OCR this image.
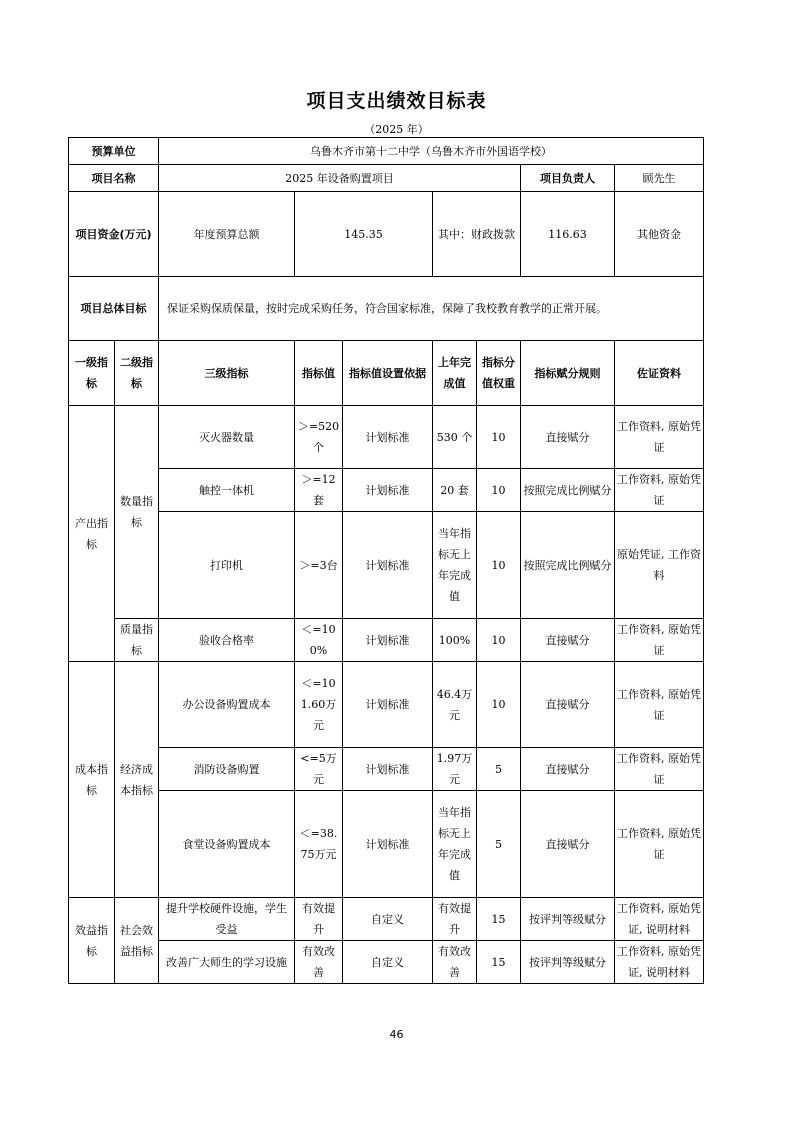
项目支出绩效目标表
（2025 年）
预算单位		乌鲁木齐市第十二中学（乌鲁木齐市外国语学校）							
项目名称		2025 年设备购置项目					项目负责人	顾先生	
项目资金(万元)		年度预算总额	145.35		其中：财政拨款		116.63	其他资金	
项目总体目标		保证采购保质保量，按时完成采购任务，符合国家标准，保障了我校教育教学的正常开展。							
一级指标	二级指标	三级指标	指标值	指标值设置依据	上年完成值	指标分值权重	指标赋分规则	佐证资料	
产出指标	数量指标	灭火器数量	＞=520个	计划标准	530 个	10	直接赋分	工作资料, 原始凭证	
		触控一体机	＞=12套	计划标准	20 套	10	按照完成比例赋分	工作资料, 原始凭证	
		打印机	＞=3台	计划标准	当年指标无上年完成值	10	按照完成比例赋分	原始凭证, 工作资料	
	质量指标	验收合格率	＜=100%	计划标准	100%	10	直接赋分	工作资料, 原始凭证	
成本指标	经济成本指标	办公设备购置成本	＜=101.60万元	计划标准	46.4万元	10	直接赋分	工作资料, 原始凭证	
		消防设备购置	<=5万元	计划标准	1.97万元	5	直接赋分	工作资料, 原始凭证	
		食堂设备购置成本	＜=38.75万元	计划标准	当年指标无上年完成值	5	直接赋分	工作资料, 原始凭证	
效益指标	社会效益指标	提升学校硬件设施，学生受益	有效提升	自定义	有效提升	15	按评判等级赋分	工作资料, 原始凭证, 说明材料	
		改善广大师生的学习设施	有效改善	自定义	有效改善	15	按评判等级赋分	工作资料, 原始凭证, 说明材料	
46
